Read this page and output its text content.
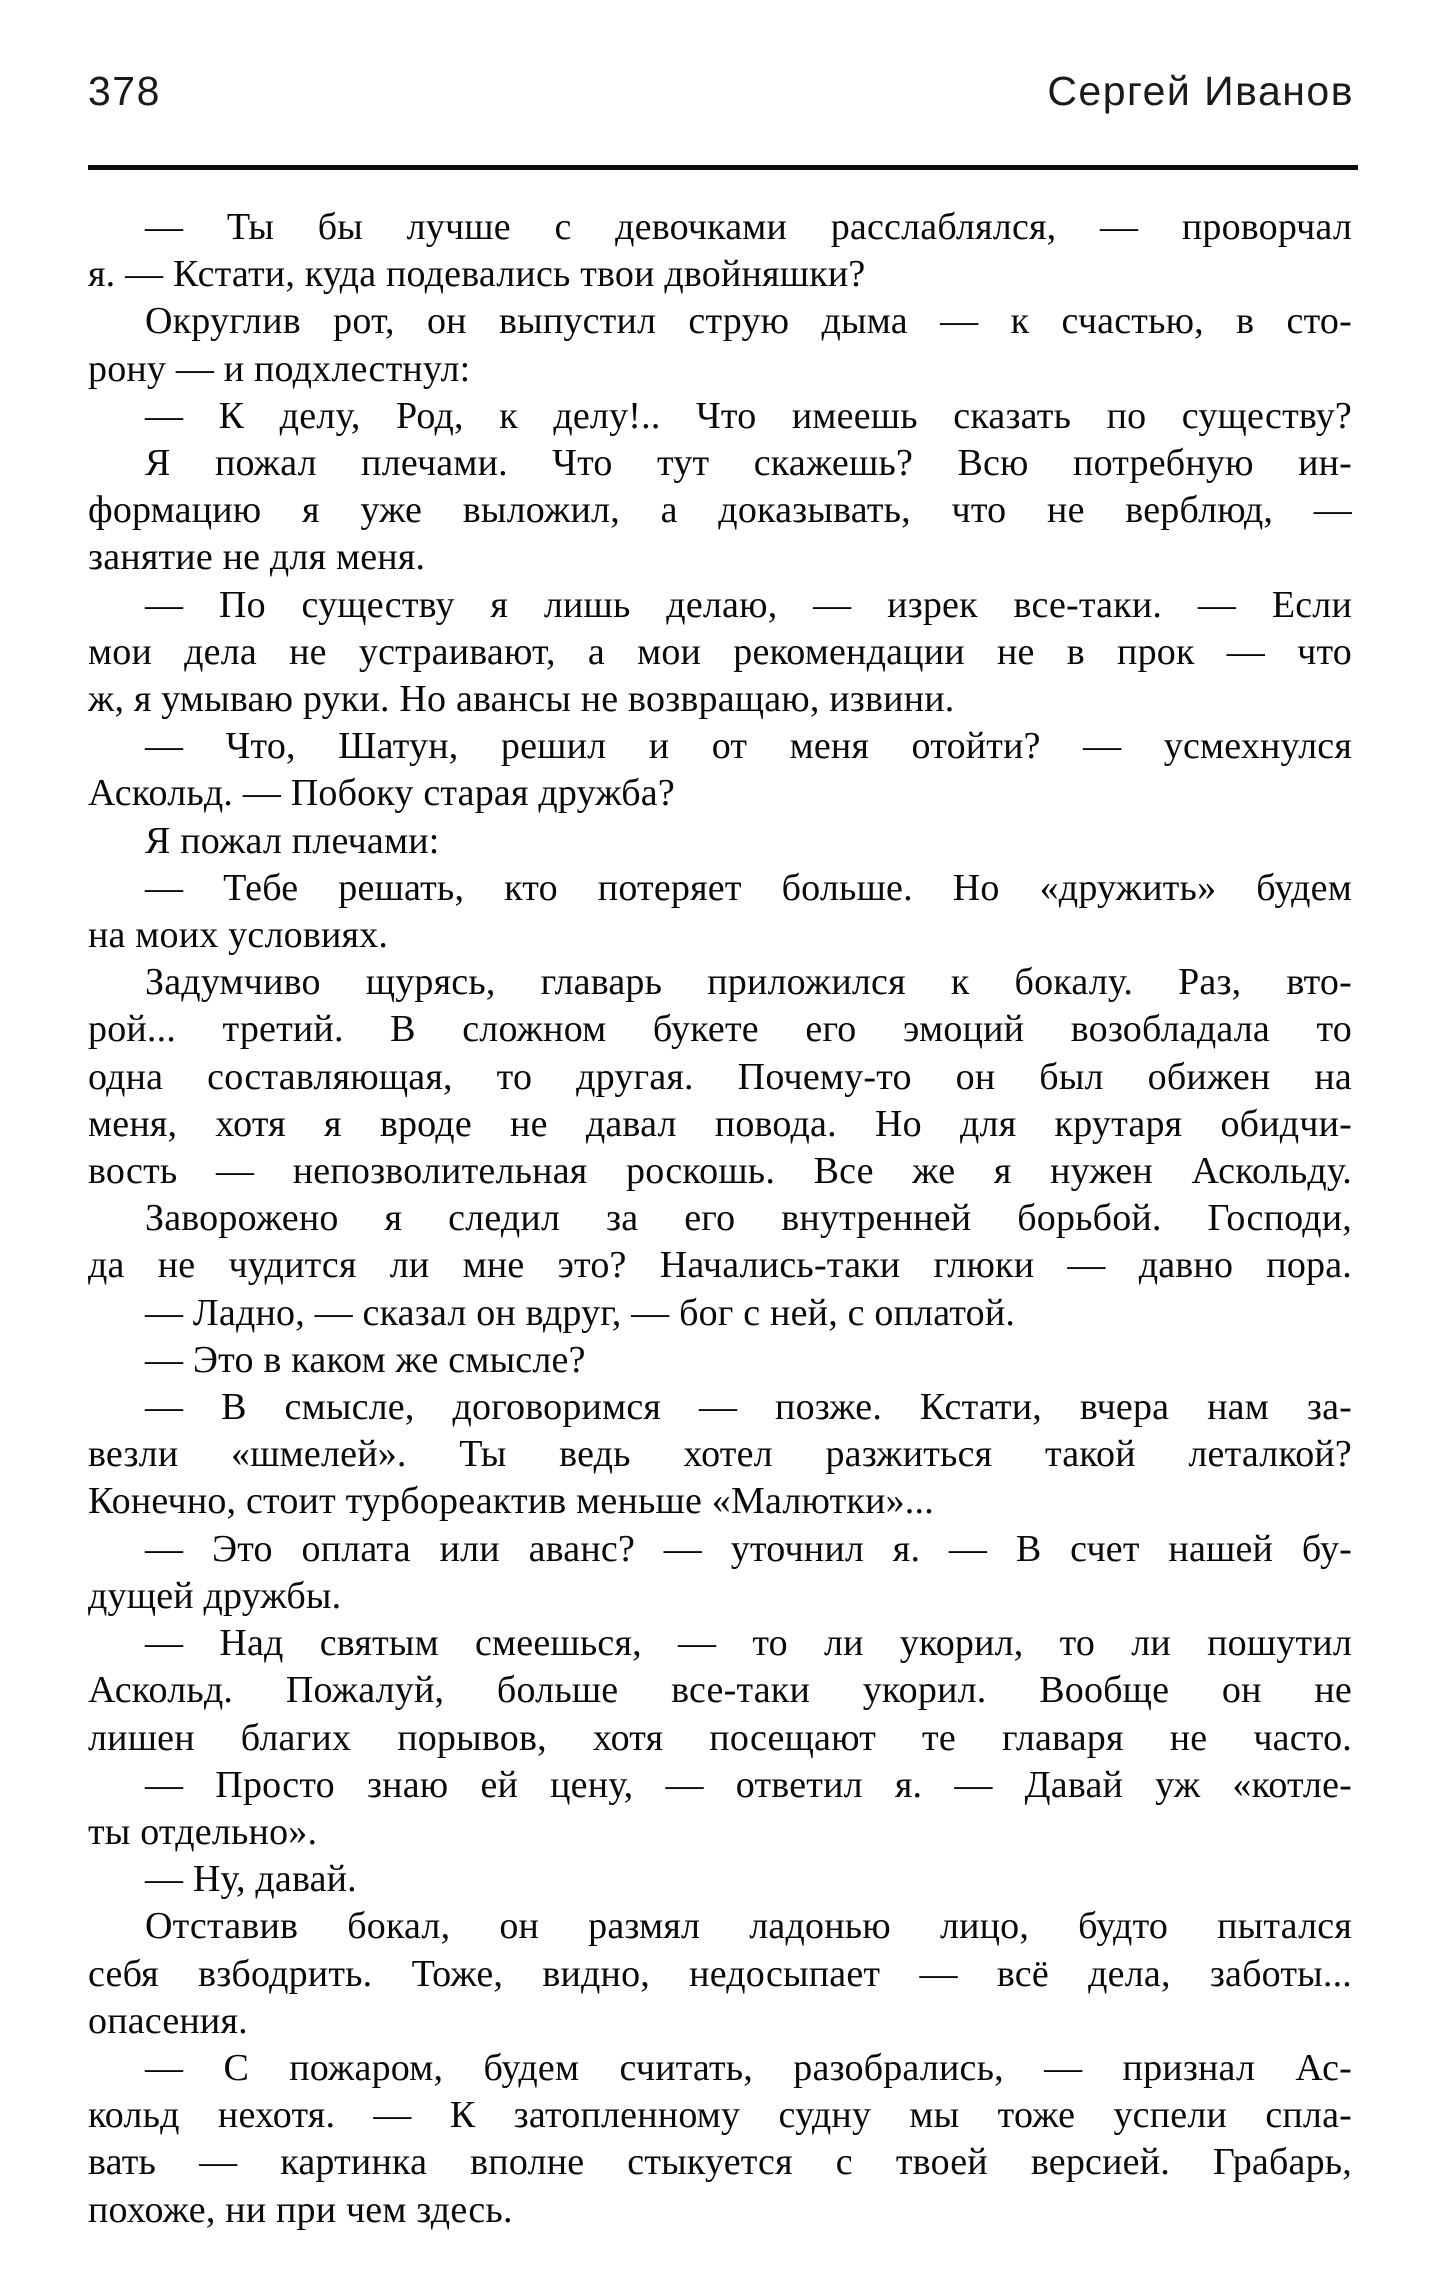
378	Сергей Иванов
— Ты бы лучше с девочками расслаблялся, — проворчал
я. — Кстати, куда подевались твои двойняшки?
Округлив рот, он выпустил струю дыма — к счастью, в сто-
рону — и подхлестнул:
— К делу, Род, к делу!.. Что имеешь сказать по существу?
Я пожал плечами. Что тут скажешь? Всю потребную ин-
формацию я уже выложил, а доказывать, что не верблюд, —
занятие не для меня.
— По существу я лишь делаю, — изрек все-таки. — Если
мои дела не устраивают, а мои рекомендации не в прок — что
ж, я умываю руки. Но авансы не возвращаю, извини.
— Что, Шатун, решил и от меня отойти? — усмехнулся
Аскольд. — Побоку старая дружба?
Я пожал плечами:
— Тебе решать, кто потеряет больше. Но «дружить» будем
на моих условиях.
Задумчиво щурясь, главарь приложился к бокалу. Раз, вто-
рой... третий. В сложном букете его эмоций возобладала то
одна составляющая, то другая. Почему-то он был обижен на
меня, хотя я вроде не давал повода. Но для крутаря обидчи-
вость — непозволительная роскошь. Все же я нужен Аскольду.
Заворожено я следил за его внутренней борьбой. Господи,
да не чудится ли мне это? Начались-таки глюки — давно пора.
— Ладно, — сказал он вдруг, — бог с ней, с оплатой.
— Это в каком же смысле?
— В смысле, договоримся — позже. Кстати, вчера нам за-
везли «шмелей». Ты ведь хотел разжиться такой леталкой?
Конечно, стоит турбореактив меньше «Малютки»...
— Это оплата или аванс? — уточнил я. — В счет нашей бу-
дущей дружбы.
— Над святым смеешься, — то ли укорил, то ли пошутил
Аскольд. Пожалуй, больше все-таки укорил. Вообще он не
лишен благих порывов, хотя посещают те главаря не часто.
— Просто знаю ей цену, — ответил я. — Давай уж «котле-
ты отдельно».
— Ну, давай.
Отставив бокал, он размял ладонью лицо, будто пытался
себя взбодрить. Тоже, видно, недосыпает — всё дела, заботы...
опасения.
— С пожаром, будем считать, разобрались, — признал Ас-
кольд нехотя. — К затопленному судну мы тоже успели спла-
вать — картинка вполне стыкуется с твоей версией. Грабарь,
похоже, ни при чем здесь.
